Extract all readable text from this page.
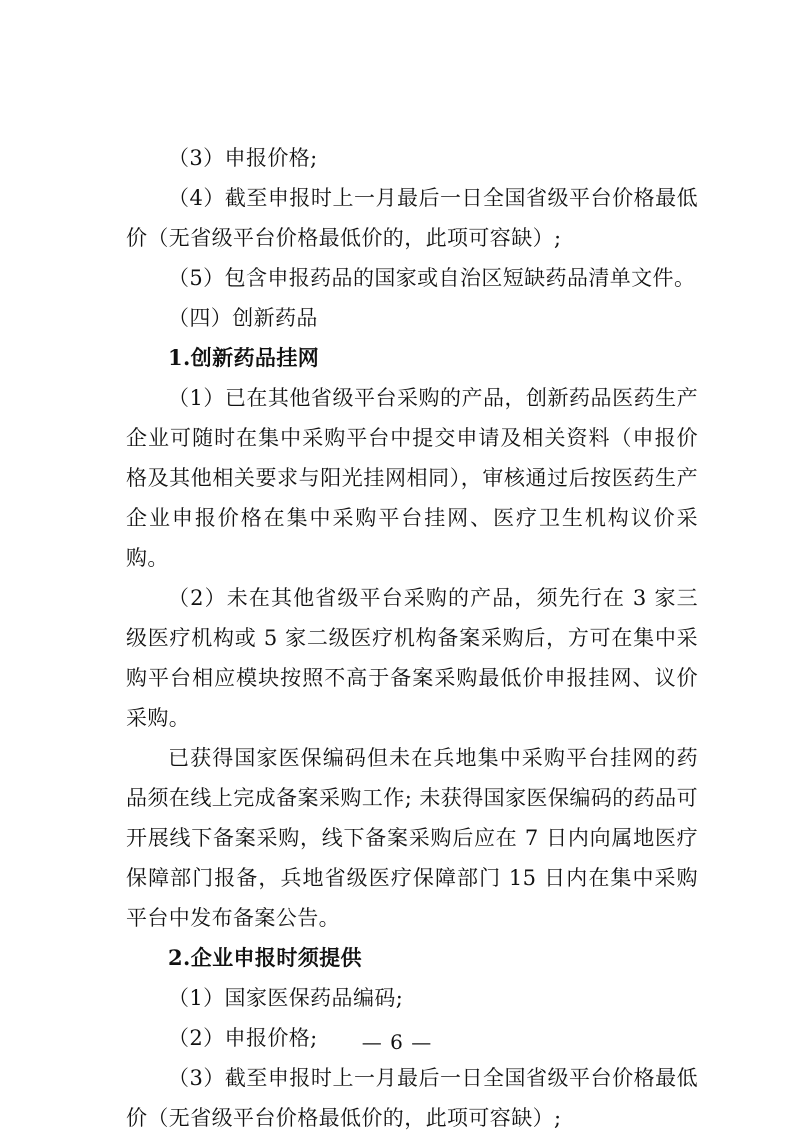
（3）申报价格;

（4）截至申报时上一月最后一日全国省级平台价格最低价（无省级平台价格最低价的，此项可容缺）;

（5）包含申报药品的国家或自治区短缺药品清单文件。

（四）创新药品

1.创新药品挂网

（1）已在其他省级平台采购的产品，创新药品医药生产企业可随时在集中采购平台中提交申请及相关资料（申报价格及其他相关要求与阳光挂网相同），审核通过后按医药生产企业申报价格在集中采购平台挂网、医疗卫生机构议价采购。

（2）未在其他省级平台采购的产品，须先行在 3 家三级医疗机构或 5 家二级医疗机构备案采购后，方可在集中采购平台相应模块按照不高于备案采购最低价申报挂网、议价采购。

已获得国家医保编码但未在兵地集中采购平台挂网的药品须在线上完成备案采购工作; 未获得国家医保编码的药品可开展线下备案采购，线下备案采购后应在 7 日内向属地医疗保障部门报备，兵地省级医疗保障部门 15 日内在集中采购平台中发布备案公告。

2.企业申报时须提供

（1）国家医保药品编码;

（2）申报价格;

（3）截至申报时上一月最后一日全国省级平台价格最低价（无省级平台价格最低价的，此项可容缺）;

— 6 —
